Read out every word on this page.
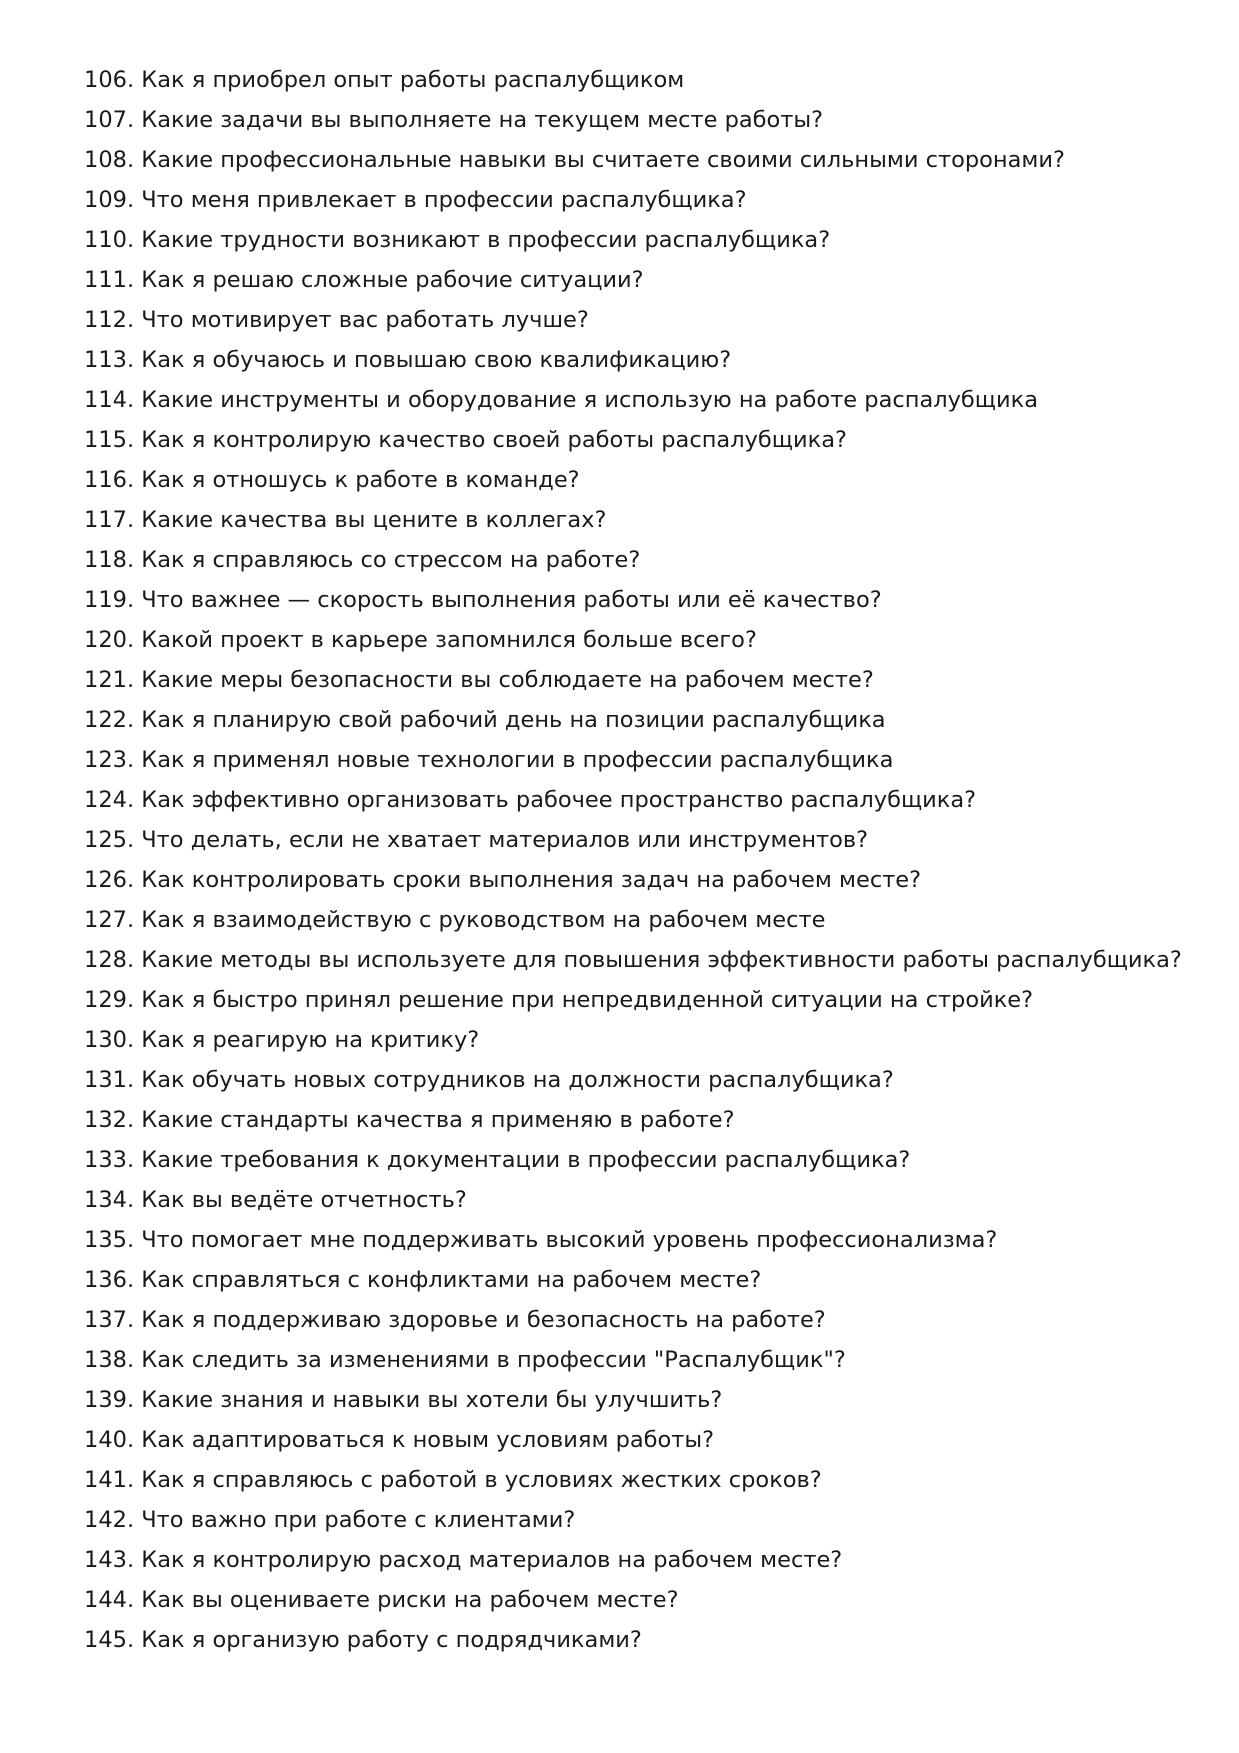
106. Как я приобрел опыт работы распалубщиком
107. Какие задачи вы выполняете на текущем месте работы?
108. Какие профессиональные навыки вы считаете своими сильными сторонами?
109. Что меня привлекает в профессии распалубщика?
110. Какие трудности возникают в профессии распалубщика?
111. Как я решаю сложные рабочие ситуации?
112. Что мотивирует вас работать лучше?
113. Как я обучаюсь и повышаю свою квалификацию?
114. Какие инструменты и оборудование я использую на работе распалубщика
115. Как я контролирую качество своей работы распалубщика?
116. Как я отношусь к работе в команде?
117. Какие качества вы цените в коллегах?
118. Как я справляюсь со стрессом на работе?
119. Что важнее — скорость выполнения работы или её качество?
120. Какой проект в карьере запомнился больше всего?
121. Какие меры безопасности вы соблюдаете на рабочем месте?
122. Как я планирую свой рабочий день на позиции распалубщика
123. Как я применял новые технологии в профессии распалубщика
124. Как эффективно организовать рабочее пространство распалубщика?
125. Что делать, если не хватает материалов или инструментов?
126. Как контролировать сроки выполнения задач на рабочем месте?
127. Как я взаимодействую с руководством на рабочем месте
128. Какие методы вы используете для повышения эффективности работы распалубщика?
129. Как я быстро принял решение при непредвиденной ситуации на стройке?
130. Как я реагирую на критику?
131. Как обучать новых сотрудников на должности распалубщика?
132. Какие стандарты качества я применяю в работе?
133. Какие требования к документации в профессии распалубщика?
134. Как вы ведёте отчетность?
135. Что помогает мне поддерживать высокий уровень профессионализма?
136. Как справляться с конфликтами на рабочем месте?
137. Как я поддерживаю здоровье и безопасность на работе?
138. Как следить за изменениями в профессии "Распалубщик"?
139. Какие знания и навыки вы хотели бы улучшить?
140. Как адаптироваться к новым условиям работы?
141. Как я справляюсь с работой в условиях жестких сроков?
142. Что важно при работе с клиентами?
143. Как я контролирую расход материалов на рабочем месте?
144. Как вы оцениваете риски на рабочем месте?
145. Как я организую работу с подрядчиками?
